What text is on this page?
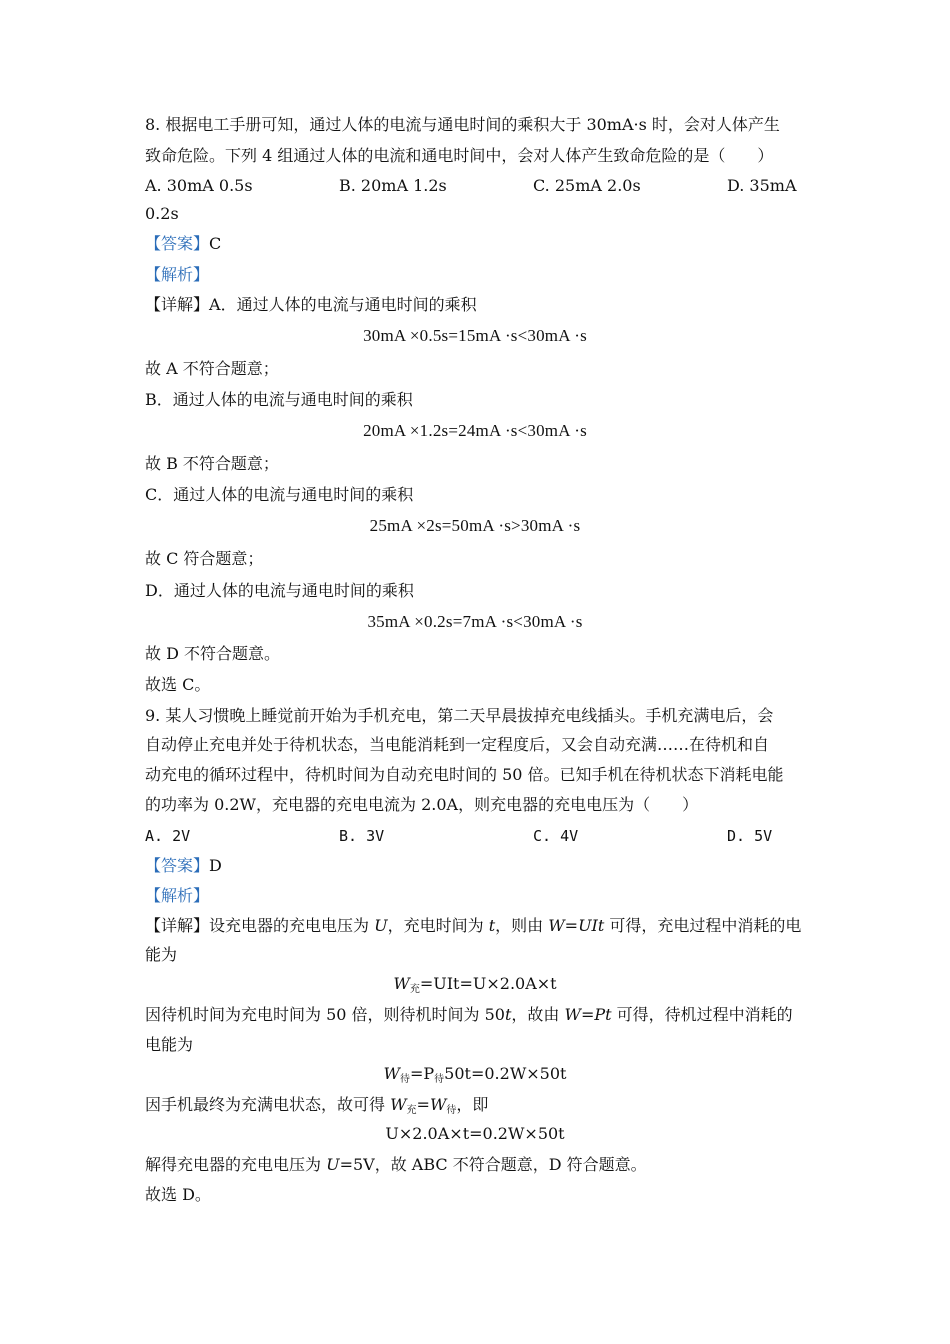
8. 根据电工手册可知，通过人体的电流与通电时间的乘积大于 30mA·s 时，会对人体产生
致命危险。下列 4 组通过人体的电流和通电时间中，会对人体产生致命危险的是（　　）
A. 30mA 0.5s	B. 20mA 1.2s	C. 25mA 2.0s	D. 35mA
0.2s
【答案】C
【解析】
【详解】A．通过人体的电流与通电时间的乘积
30mA ×0.5s=15mA ·s<30mA ·s
故 A 不符合题意；
B．通过人体的电流与通电时间的乘积
20mA ×1.2s=24mA ·s<30mA ·s
故 B 不符合题意；
C．通过人体的电流与通电时间的乘积
25mA ×2s=50mA ·s>30mA ·s
故 C 符合题意；
D．通过人体的电流与通电时间的乘积
35mA ×0.2s=7mA ·s<30mA ·s
故 D 不符合题意。
故选 C。
9. 某人习惯晚上睡觉前开始为手机充电，第二天早晨拔掉充电线插头。手机充满电后，会
自动停止充电并处于待机状态，当电能消耗到一定程度后，又会自动充满……在待机和自
动充电的循环过程中，待机时间为自动充电时间的 50 倍。已知手机在待机状态下消耗电能
的功率为 0.2W，充电器的充电电流为 2.0A，则充电器的充电电压为（　　）
A. 2V	B. 3V	C. 4V	D. 5V
【答案】D
【解析】
【详解】设充电器的充电电压为 U，充电时间为 t，则由 W=UIt 可得，充电过程中消耗的电
能为
$W_充=UIt=U\times 2.0A\times t$
因待机时间为充电时间为 50 倍，则待机时间为 50t，故由 W=Pt 可得，待机过程中消耗的
电能为
$W_待=P_待50t=0.2W\times 50t$
因手机最终为充满电状态，故可得 $W_充=W_待$，即
U×2.0A×t=0.2W×50t
解得充电器的充电电压为 U=5V，故 ABC 不符合题意，D 符合题意。
故选 D。
